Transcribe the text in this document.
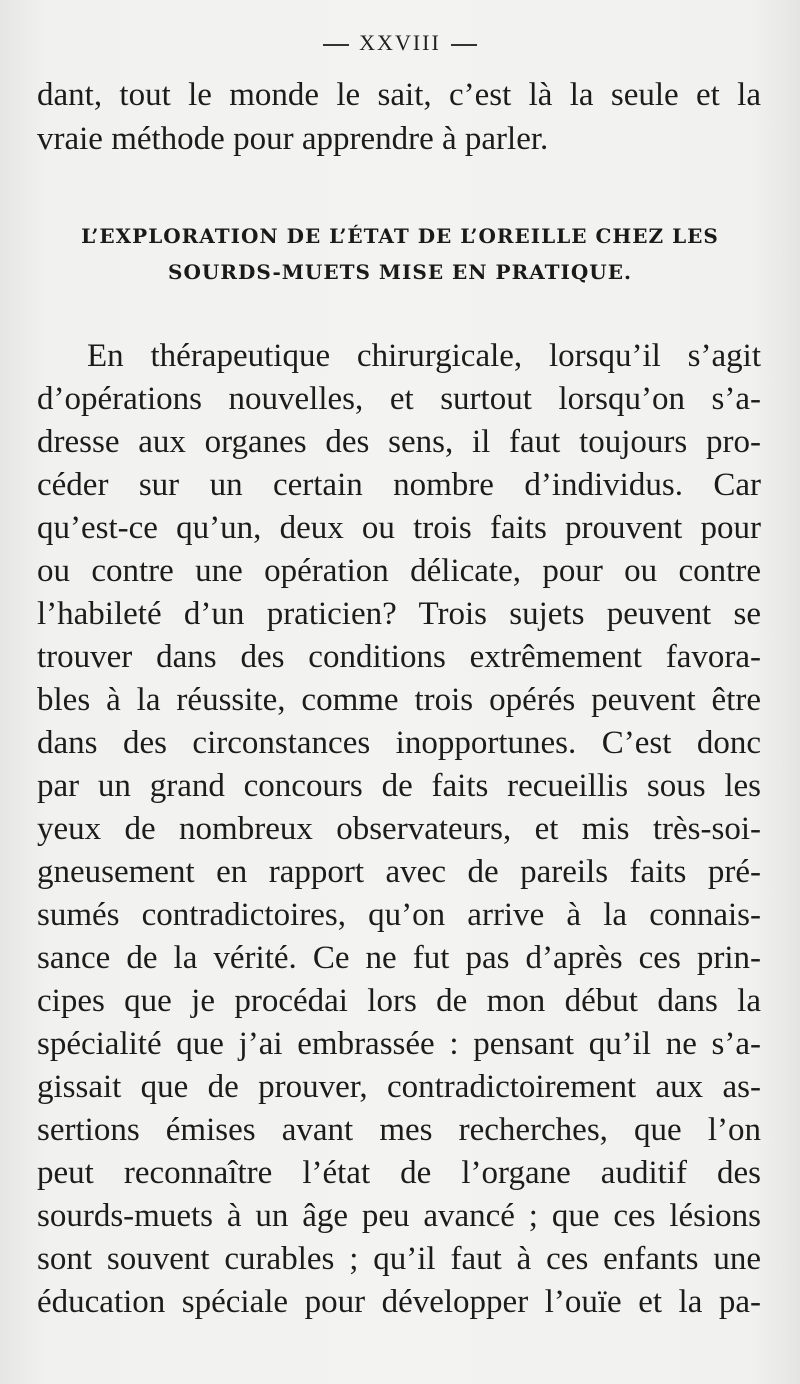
XXVIII
dant, tout le monde le sait, c’est là la seule et la
vraie méthode pour apprendre à parler.
L’EXPLORATION DE L’ÉTAT DE L’OREILLE CHEZ LES
SOURDS-MUETS MISE EN PRATIQUE.
En thérapeutique chirurgicale, lorsqu’il s’agit
d’opérations nouvelles, et surtout lorsqu’on s’a-
dresse aux organes des sens, il faut toujours pro-
céder sur un certain nombre d’individus. Car
qu’est-ce qu’un, deux ou trois faits prouvent pour
ou contre une opération délicate, pour ou contre
l’habileté d’un praticien? Trois sujets peuvent se
trouver dans des conditions extrêmement favora-
bles à la réussite, comme trois opérés peuvent être
dans des circonstances inopportunes. C’est donc
par un grand concours de faits recueillis sous les
yeux de nombreux observateurs, et mis très-soi-
gneusement en rapport avec de pareils faits pré-
sumés contradictoires, qu’on arrive à la connais-
sance de la vérité. Ce ne fut pas d’après ces prin-
cipes que je procédai lors de mon début dans la
spécialité que j’ai embrassée : pensant qu’il ne s’a-
gissait que de prouver, contradictoirement aux as-
sertions émises avant mes recherches, que l’on
peut reconnaître l’état de l’organe auditif des
sourds-muets à un âge peu avancé ; que ces lésions
sont souvent curables ; qu’il faut à ces enfants une
éducation spéciale pour développer l’ouïe et la pa-
